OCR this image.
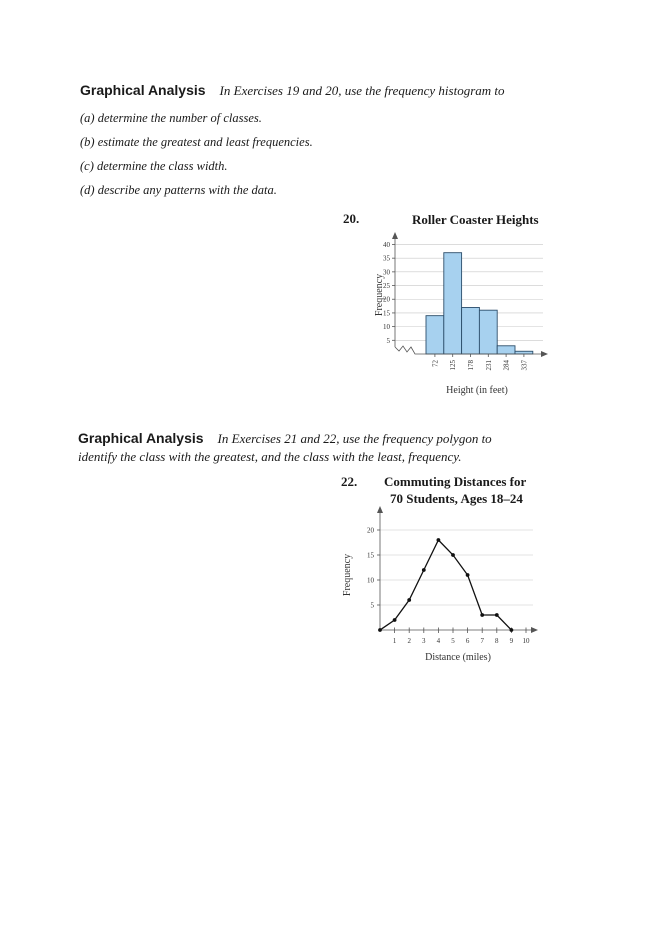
Graphical Analysis In Exercises 19 and 20, use the frequency histogram to
(a) determine the number of classes.
(b) estimate the greatest and least frequencies.
(c) determine the class width.
(d) describe any patterns with the data.
20.	Roller Coaster Heights
5
10
15
20
25
30
35
40
72 125 178 231 284 337
Frequency
Height (in feet)
Graphical Analysis In Exercises 21 and 22, use the frequency polygon to
identify the class with the greatest, and the class with the least, frequency.
22. Commuting Distances for
70 Students, Ages 18–24
5
10
15
20
1 2 3 4 5 6 7 8 9 10
Frequency
Distance (miles)
